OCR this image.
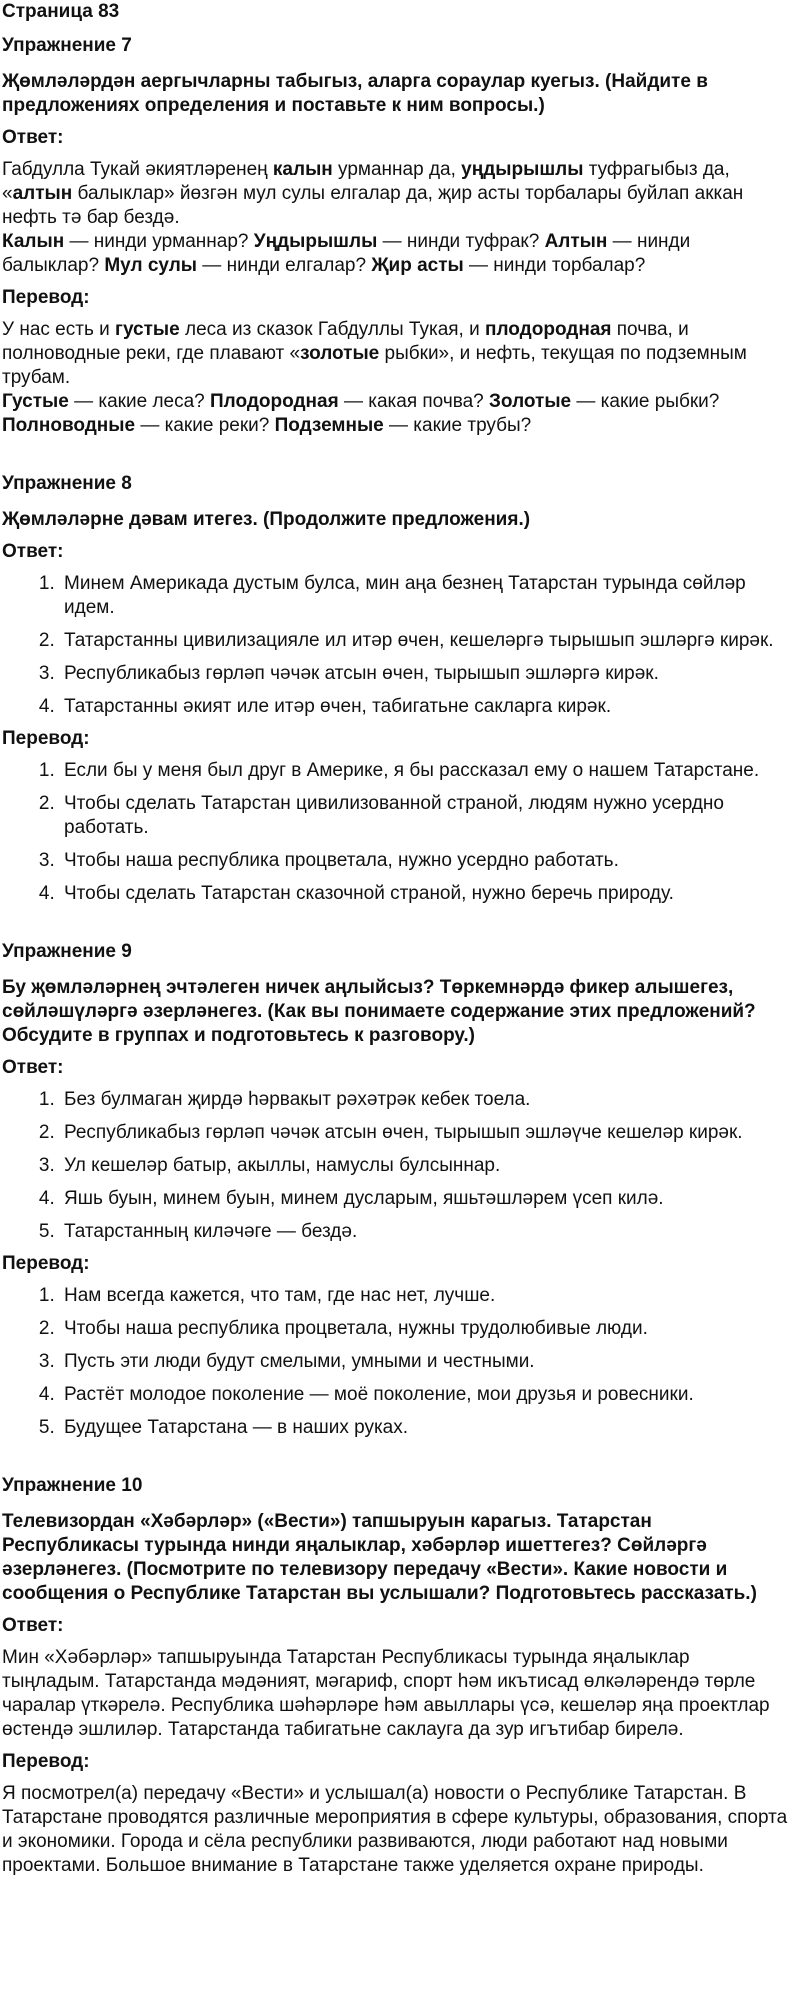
Страница 83
Упражнение 7
Җөмләләрдән аергычларны табыгыз, аларга сораулар куегыз. (Найдите в предложениях определения и поставьте к ним вопросы.)
Ответ:

Габдулла Тукай әкиятләренең калын урманнар да, уңдырышлы туфрагыбыз да, «алтын балыклар» йөзгән мул сулы елгалар да, җир асты торбалары буйлап аккан нефть тә бар бездә.

Калын — нинди урманнар? Уңдырышлы — нинди туфрак? Алтын — нинди балыклар? Мул сулы — нинди елгалар? Җир асты — нинди торбалар?

Перевод:

У нас есть и густые леса из сказок Габдуллы Тукая, и плодородная почва, и полноводные реки, где плавают «золотые рыбки», и нефть, текущая по подземным трубам.

Густые — какие леса? Плодородная — какая почва? Золотые — какие рыбки? Полноводные — какие реки? Подземные — какие трубы?

Упражнение 8
Җөмләләрне дәвам итегез. (Продолжите предложения.)
Ответ:
1. Минем Америкада дустым булса, мин аңа безнең Татарстан турында сөйләр идем.
2. Татарстанны цивилизацияле ил итәр өчен, кешеләргә тырышып эшләргә кирәк.
3. Республикабыз гөрләп чәчәк атсын өчен, тырышып эшләргә кирәк.
4. Татарстанны әкият иле итәр өчен, табигатьне сакларга кирәк.
Перевод:
1. Если бы у меня был друг в Америке, я бы рассказал ему о нашем Татарстане.
2. Чтобы сделать Татарстан цивилизованной страной, людям нужно усердно работать.
3. Чтобы наша республика процветала, нужно усердно работать.
4. Чтобы сделать Татарстан сказочной страной, нужно беречь природу.
Упражнение 9
Бу җөмләләрнең эчтәлеген ничек аңлыйсыз? Төркемнәрдә фикер алышегез, сөйләшүләргә әзерләнегез. (Как вы понимаете содержание этих предложений? Обсудите в группах и подготовьтесь к разговору.)
Ответ:
1. Без булмаган җирдә һәрвакыт рәхәтрәк кебек тоела.
2. Республикабыз гөрләп чәчәк атсын өчен, тырышып эшләүче кешеләр кирәк.
3. Ул кешеләр батыр, акыллы, намуслы булсыннар.
4. Яшь буын, минем буын, минем дусларым, яшьтәшләрем үсеп килә.
5. Татарстанның киләчәге — бездә.
Перевод:
1. Нам всегда кажется, что там, где нас нет, лучше.
2. Чтобы наша республика процветала, нужны трудолюбивые люди.
3. Пусть эти люди будут смелыми, умными и честными.
4. Растёт молодое поколение — моё поколение, мои друзья и ровесники.
5. Будущее Татарстана — в наших руках.
Упражнение 10
Телевизордан «Хәбәрләр» («Вести») тапшыруын карагыз. Татарстан Республикасы турында нинди яңалыклар, хәбәрләр ишеттегез? Сөйләргә әзерләнегез. (Посмотрите по телевизору передачу «Вести». Какие новости и сообщения о Республике Татарстан вы услышали? Подготовьтесь рассказать.)
Ответ:

Мин «Хәбәрләр» тапшыруында Татарстан Республикасы турында яңалыклар тыңладым. Татарстанда мәдәният, мәгариф, спорт һәм икътисад өлкәләрендә төрле чаралар үткәрелә. Республика шәһәрләре һәм авыллары үсә, кешеләр яңа проектлар өстендә эшлиләр. Татарстанда табигатьне саклауга да зур игътибар бирелә.

Перевод:

Я посмотрел(а) передачу «Вести» и услышал(а) новости о Республике Татарстан. В Татарстане проводятся различные мероприятия в сфере культуры, образования, спорта и экономики. Города и сёла республики развиваются, люди работают над новыми проектами. Большое внимание в Татарстане также уделяется охране природы.
